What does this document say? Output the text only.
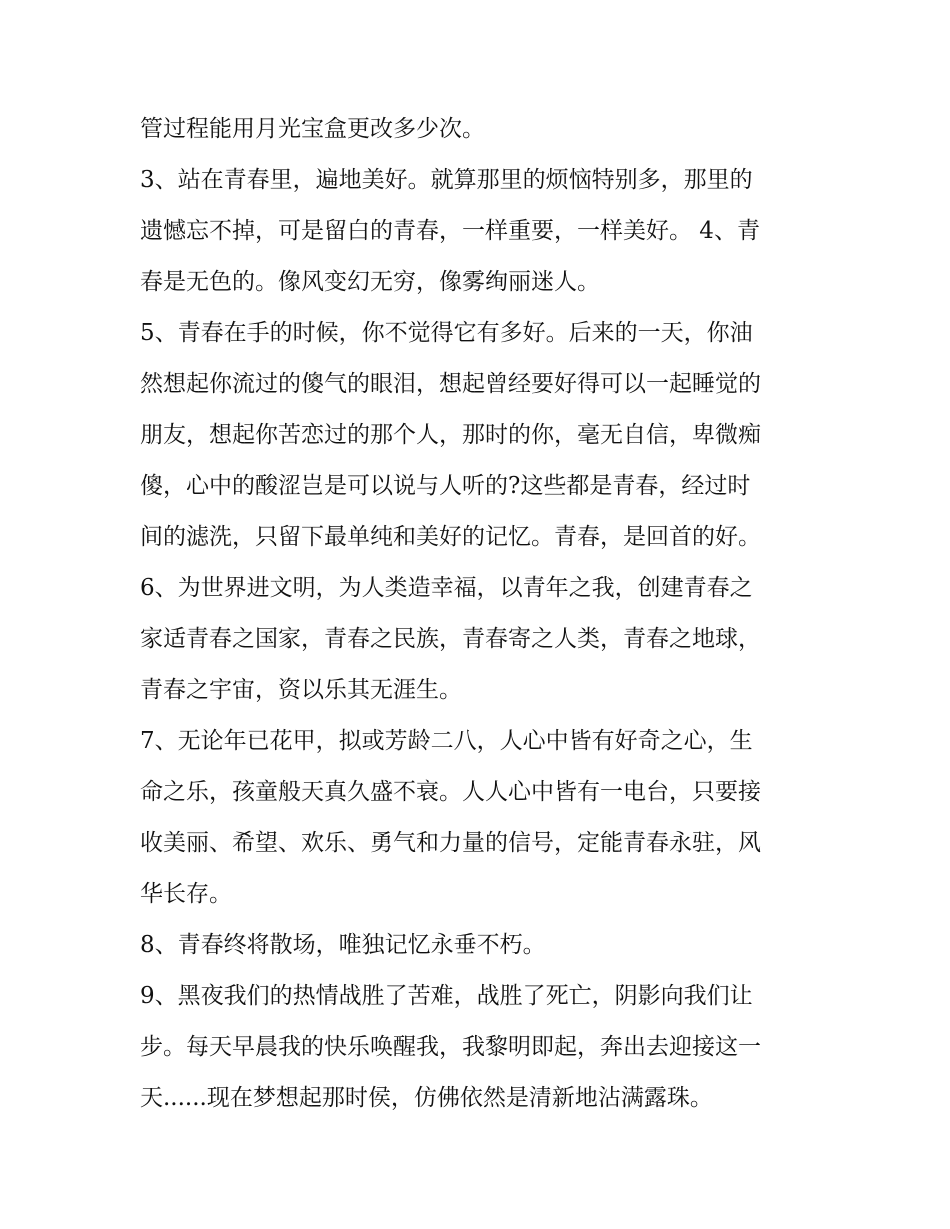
管过程能用月光宝盒更改多少次。
3、站在青春里，遍地美好。就算那里的烦恼特别多，那里的
遗憾忘不掉，可是留白的青春，一样重要，一样美好。 4、青
春是无色的。像风变幻无穷，像雾绚丽迷人。
5、青春在手的时候，你不觉得它有多好。后来的一天，你油
然想起你流过的傻气的眼泪，想起曾经要好得可以一起睡觉的
朋友，想起你苦恋过的那个人，那时的你，毫无自信，卑微痴
傻，心中的酸涩岂是可以说与人听的?这些都是青春，经过时
间的滤洗，只留下最单纯和美好的记忆。青春，是回首的好。
6、为世界进文明，为人类造幸福，以青年之我，创建青春之
家适青春之国家，青春之民族，青春寄之人类，青春之地球，
青春之宇宙，资以乐其无涯生。
7、无论年已花甲，拟或芳龄二八，人心中皆有好奇之心，生
命之乐，孩童般天真久盛不衰。人人心中皆有一电台，只要接
收美丽、希望、欢乐、勇气和力量的信号，定能青春永驻，风
华长存。
8、青春终将散场，唯独记忆永垂不朽。
9、黑夜我们的热情战胜了苦难，战胜了死亡，阴影向我们让
步。每天早晨我的快乐唤醒我，我黎明即起，奔出去迎接这一
天......现在梦想起那时侯，仿佛依然是清新地沾满露珠。
